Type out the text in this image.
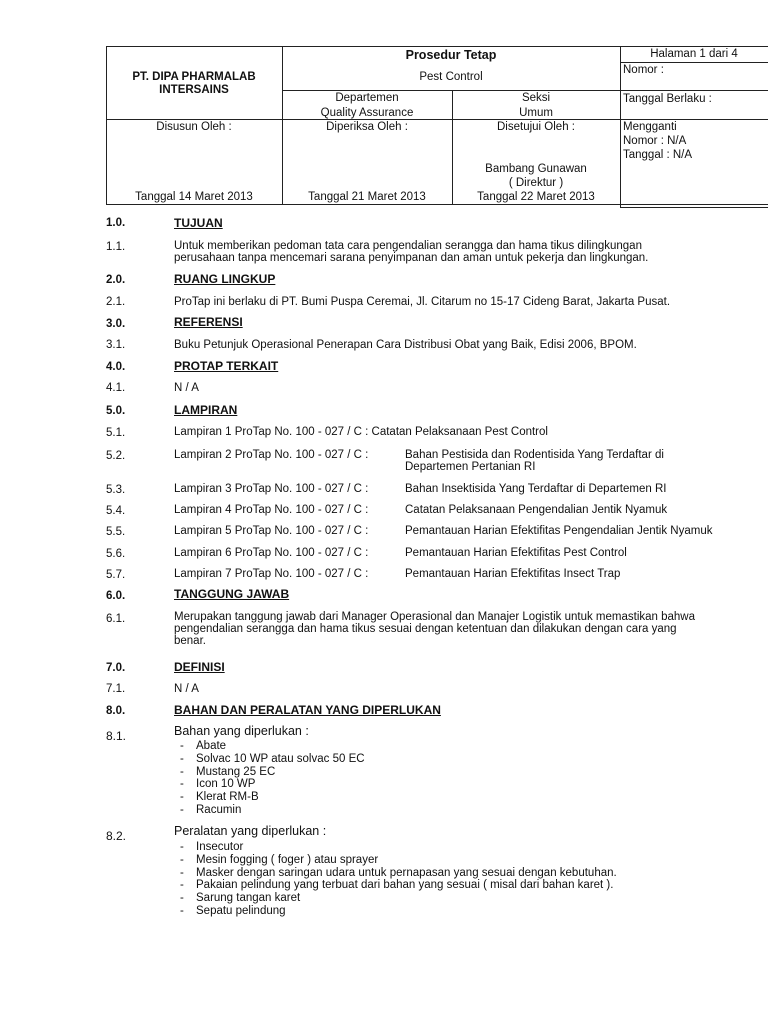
PT. DIPA PHARMALAB
INTERSAINS
Prosedur Tetap
Pest Control
Halaman 1 dari 4
Nomor :
Departemen
Quality Assurance
Seksi
Umum
Tanggal Berlaku :
Disusun Oleh :	Diperiksa Oleh :	Disetujui Oleh :
Bambang Gunawan
( Direktur )
Tanggal 14 Maret 2013	Tanggal 21 Maret 2013	Tanggal 22 Maret 2013
Mengganti
Nomor : N/A
Tanggal : N/A
1.0.	TUJUAN
1.1.	Untuk memberikan pedoman tata cara pengendalian serangga dan hama tikus dilingkungan
perusahaan tanpa mencemari sarana penyimpanan dan aman untuk pekerja dan lingkungan.
2.0.	RUANG LINGKUP
2.1.	ProTap ini berlaku di PT. Bumi Puspa Ceremai, Jl. Citarum no 15-17 Cideng Barat, Jakarta Pusat.
3.0.	REFERENSI
3.1.	Buku Petunjuk Operasional Penerapan Cara Distribusi Obat yang Baik, Edisi 2006, BPOM.
4.0.	PROTAP TERKAIT
4.1.	N / A
5.0.	LAMPIRAN
5.1.	Lampiran 1 ProTap No. 100 - 027 / C : Catatan Pelaksanaan Pest Control
5.2.	Lampiran 2 ProTap No. 100 - 027 / C :	Bahan Pestisida dan Rodentisida Yang Terdaftar di
Departemen Pertanian RI
5.3.	Lampiran 3 ProTap No. 100 - 027 / C :	Bahan Insektisida Yang Terdaftar di Departemen RI
5.4.	Lampiran 4 ProTap No. 100 - 027 / C :	Catatan Pelaksanaan Pengendalian Jentik Nyamuk
5.5.	Lampiran 5 ProTap No. 100 - 027 / C :	Pemantauan Harian Efektifitas Pengendalian Jentik Nyamuk
5.6.	Lampiran 6 ProTap No. 100 - 027 / C :	Pemantauan Harian Efektifitas Pest Control
5.7.	Lampiran 7 ProTap No. 100 - 027 / C :	Pemantauan Harian Efektifitas Insect Trap
6.0.	TANGGUNG JAWAB
6.1.	Merupakan tanggung jawab dari Manager Operasional dan Manajer Logistik untuk memastikan bahwa
pengendalian serangga dan hama tikus sesuai dengan ketentuan dan dilakukan dengan cara yang
benar.
7.0.	DEFINISI
7.1.	N / A
8.0.	BAHAN DAN PERALATAN YANG DIPERLUKAN
8.1.	Bahan yang diperlukan :
- Abate
- Solvac 10 WP atau solvac 50 EC
- Mustang 25 EC
- Icon 10 WP
- Klerat RM-B
- Racumin
8.2.	Peralatan yang diperlukan :
- Insecutor
- Mesin fogging ( foger ) atau sprayer
- Masker dengan saringan udara untuk pernapasan yang sesuai dengan kebutuhan.
- Pakaian pelindung yang terbuat dari bahan yang sesuai ( misal dari bahan karet ).
- Sarung tangan karet
- Sepatu pelindung
